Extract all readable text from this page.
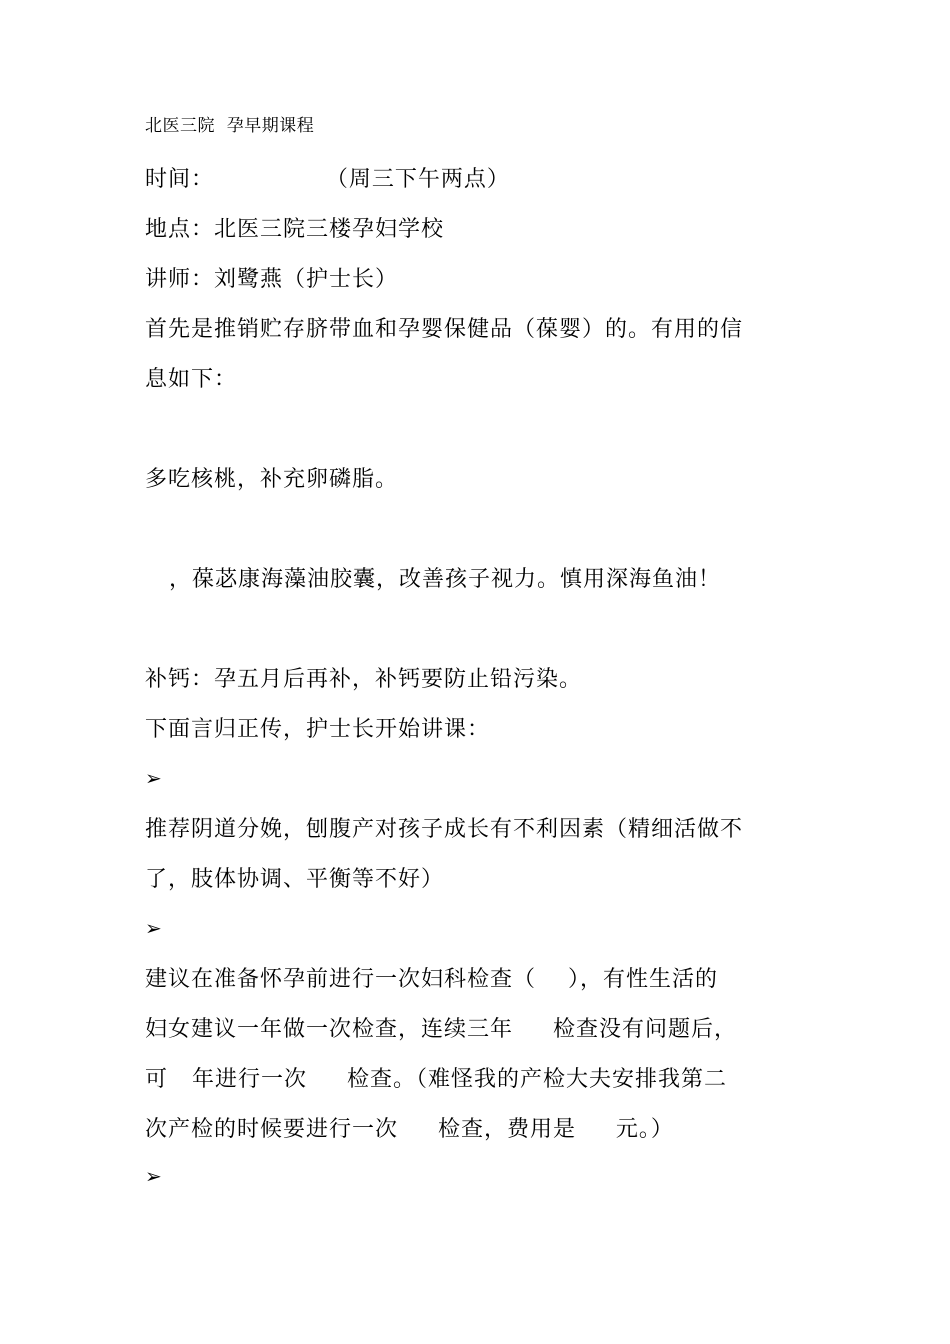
北医三院  孕早期课程
时间：              （周三下午两点）
地点：北医三院三楼孕妇学校
讲师：刘鹭燕（护士长）
首先是推销贮存脐带血和孕婴保健品（葆婴）的。有用的信
息如下：
多吃核桃，补充卵磷脂。
，葆苾康海藻油胶囊，改善孩子视力。慎用深海鱼油！
补钙：孕五月后再补，补钙要防止铅污染。
下面言归正传，护士长开始讲课：
➢
推荐阴道分娩，刨腹产对孩子成长有不利因素（精细活做不
了，肢体协调、平衡等不好）
➢
建议在准备怀孕前进行一次妇科检查（    ），有性生活的
妇女建议一年做一次检查，连续三年     检查没有问题后，
可   年进行一次     检查。（难怪我的产检大夫安排我第二
次产检的时候要进行一次     检查，费用是     元。）
➢
